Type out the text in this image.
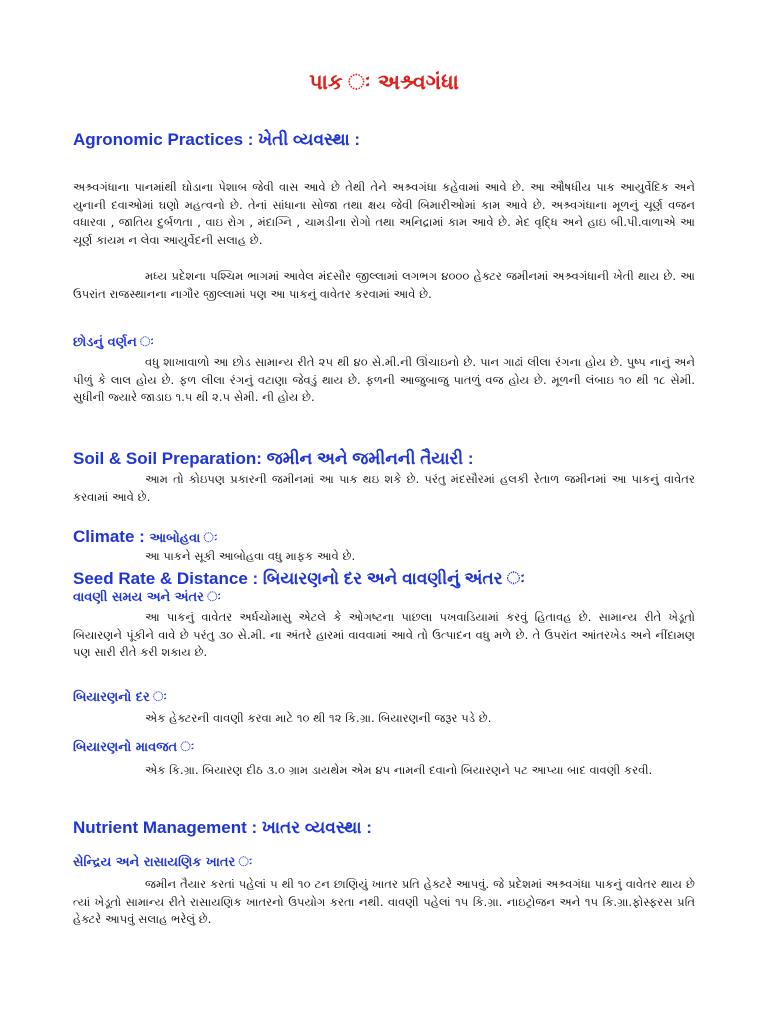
પાક ઃ અશ્ર્વગંધા
Agronomic Practices : ખેતી વ્યવસ્થા :
અશ્ર્વગંધાના પાનમાંથી ઘોડાના પેશાબ જેવી વાસ આવે છે તેથી તેને અશ્ર્વગંધા કહેવામાં આવે છે. આ ઔષધીય પાક આયુર્વેદિક અને યુનાની દવાઓમાં ઘણો મહત્વનો છે. તેનાં સાંધાના સોજા તથા ક્ષય જેવી બિમારીઓમાં કામ આવે છે. અશ્ર્વગંધાના મૂળનું ચૂર્ણ વજન વધારવા , જાતિય દુર્બળતા , વાઇ રોગ , મંદાગ્નિ , ચામડીના રોગો તથા અનિદ્રામાં કામ આવે છે. મેદ વૃદ્ધિ અને હાઇ બી.પી.વાળાએ આ ચૂર્ણ કાયમ ન લેવા આયુર્વેદની સલાહ છે.
મધ્ય પ્રદેશના પશ્ચિમ ભાગમાં આવેલ મંદસૌર જીલ્લામાં લગભગ ૪૦૦૦ હેક્ટર જમીનમાં અશ્ર્વગંધાની ખેતી થાય છે. આ ઉપરાંત રાજસ્થાનના નાગૌર જીલ્લામાં પણ આ પાકનું વાવેતર કરવામાં આવે છે.
છોડનું વર્ણન ઃ
વધુ શાખાવાળો આ છોડ સામાન્ય રીતે ૨૫ થી ૪૦ સે.મી.ની ઊંચાઇનો છે. પાન ગાઢાં લીલા રંગના હોય છે. પુષ્પ નાનું અને પીળું કે લાલ હોય છે. ફળ લીલા રંગનું વટાણા જેવડું થાય છે. ફળની આજુબાજુ પાતળું વજ હોય છે. મૂળની લંબાઇ ૧૦ થી ૧૮ સેમી. સુધીની જ્યારે જાડાઇ ૧.૫ થી ૨.૫ સેમી. ની હોય છે.
Soil & Soil Preparation: જમીન અને જમીનની તૈયારી :
આમ તો કોઇપણ પ્રકારની જમીનમાં આ પાક થઇ શકે છે. પરંતુ મંદસૌરમાં હલકી રેતાળ જમીનમાં આ પાકનું વાવેતર કરવામાં આવે છે.
Climate : આબોહવા ઃ
આ પાકને સૂકી આબોહવા વધુ માફક આવે છે.
Seed Rate & Distance : બિયારણનો દર અને વાવણીનું અંતર ઃ
વાવણી સમય અને અંતર ઃ
આ પાકનું વાવેતર અર્ધચોમાસુ એટલે કે ઓગષ્ટના પાછલા પખવાડિયામાં કરવું હિતાવહ છે. સામાન્ય રીતે ખેડૂતો બિયારણને પૂંકીને વાવે છે પરંતુ ૩૦ સે.મી. ના અંતરે હારમાં વાવવામાં આવે તો ઉત્પાદન વધુ મળે છે. તે ઉપરાંત આંતરખેડ અને નીંદામણ પણ સારી રીતે કરી શકાય છે.
બિયારણનો દર ઃ
એક હેક્ટરની વાવણી કરવા માટે ૧૦ થી ૧૨ કિ.ગ્રા. બિયારણની જરૂર પડે છે.
બિયારણનો માવજત ઃ
એક કિ.ગ્રા. બિયારણ દીઠ ૩.૦ ગ્રામ ડાયથેમ એમ ૪૫ નામની દવાનો બિયારણને પટ આપ્યા બાદ વાવણી કરવી.
Nutrient Management : ખાતર વ્યવસ્થા :
સેન્દ્રિય અને રાસાયણિક ખાતર ઃ
જમીન તૈયાર કરતાં પહેલાં ૫ થી ૧૦ ટન છાણિયું ખાતર પ્રતિ હેક્ટરે આપવું. જે પ્રદેશમાં અશ્ર્વગંધા પાકનું વાવેતર થાય છે ત્યાં ખેડૂતો સામાન્ય રીતે રાસાયણિક ખાતરનો ઉપયોગ કરતા નથી. વાવણી પહેલાં ૧૫ કિ.ગ્રા. નાઇટ્રોજન અને ૧૫ કિ.ગ્રા.ફોસ્ફરસ પ્રતિ હેક્ટરે આપવું સલાહ ભરેલું છે.
